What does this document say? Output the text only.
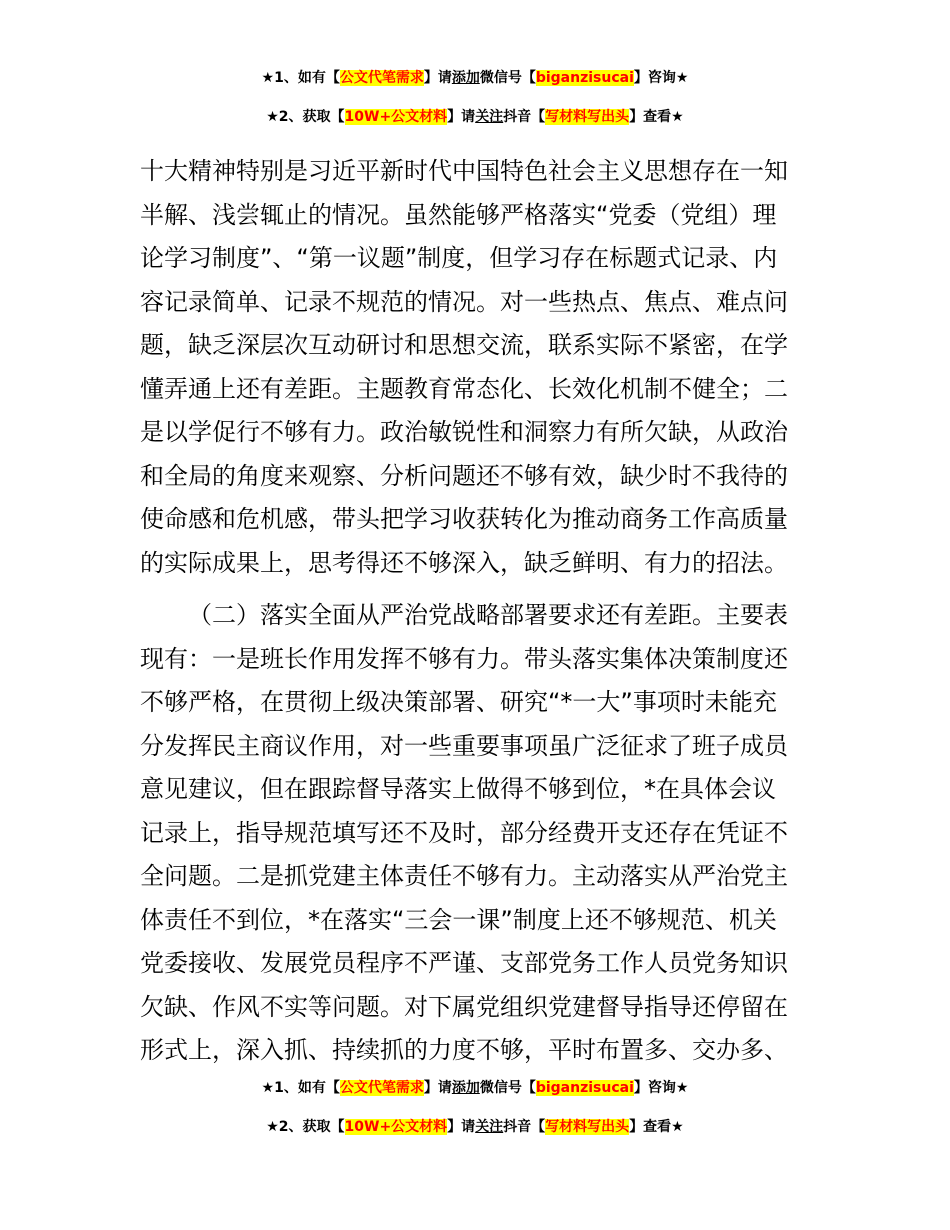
★1、如有【公文代笔需求】请添加微信号【biganzisucai】咨询★
★2、获取【10W+公文材料】请关注抖音【写材料写出头】查看★
十大精神特别是习近平新时代中国特色社会主义思想存在一知
半解、浅尝辄止的情况。虽然能够严格落实“党委（党组）理
论学习制度”、“第一议题”制度，但学习存在标题式记录、内
容记录简单、记录不规范的情况。对一些热点、焦点、难点问
题，缺乏深层次互动研讨和思想交流，联系实际不紧密，在学
懂弄通上还有差距。主题教育常态化、长效化机制不健全；二
是以学促行不够有力。政治敏锐性和洞察力有所欠缺，从政治
和全局的角度来观察、分析问题还不够有效，缺少时不我待的
使命感和危机感，带头把学习收获转化为推动商务工作高质量
的实际成果上，思考得还不够深入，缺乏鲜明、有力的招法。
（二）落实全面从严治党战略部署要求还有差距。主要表
现有：一是班长作用发挥不够有力。带头落实集体决策制度还
不够严格，在贯彻上级决策部署、研究“*一大”事项时未能充
分发挥民主商议作用，对一些重要事项虽广泛征求了班子成员
意见建议，但在跟踪督导落实上做得不够到位，*在具体会议
记录上，指导规范填写还不及时，部分经费开支还存在凭证不
全问题。二是抓党建主体责任不够有力。主动落实从严治党主
体责任不到位，*在落实“三会一课”制度上还不够规范、机关
党委接收、发展党员程序不严谨、支部党务工作人员党务知识
欠缺、作风不实等问题。对下属党组织党建督导指导还停留在
形式上，深入抓、持续抓的力度不够，平时布置多、交办多、
★1、如有【公文代笔需求】请添加微信号【biganzisucai】咨询★
★2、获取【10W+公文材料】请关注抖音【写材料写出头】查看★
